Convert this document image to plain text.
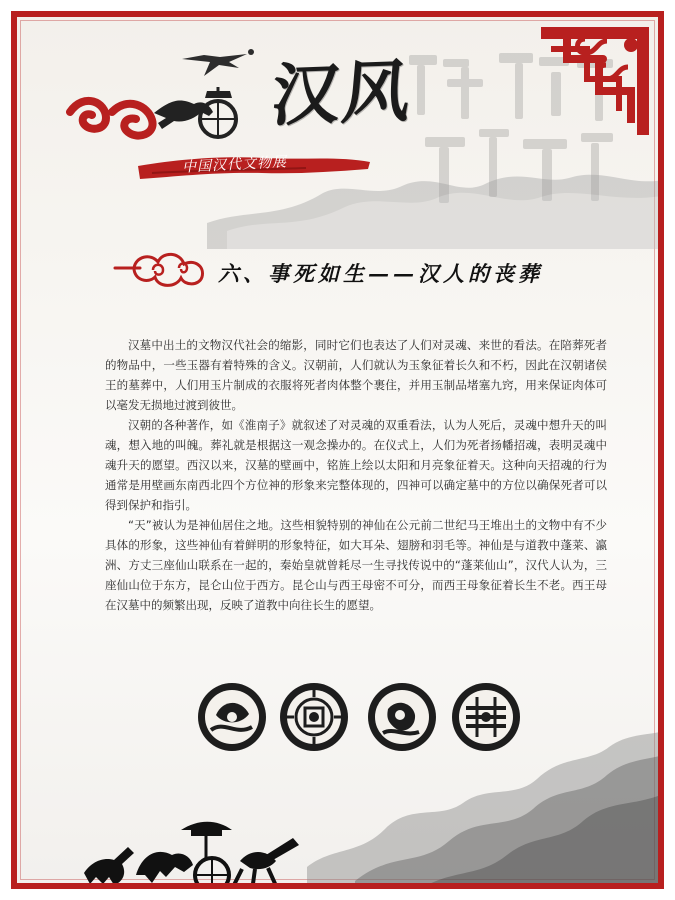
汉风
中国汉代文物展
六、事死如生——汉人的丧葬

汉墓中出土的文物汉代社会的缩影，同时它们也表达了人们对灵魂、来世的看法。在陪葬死者的物品中，一些玉器有着特殊的含义。汉朝前，人们就认为玉象征着长久和不朽，因此在汉朝诸侯王的墓葬中，人们用玉片制成的衣服将死者肉体整个裹住，并用玉制品堵塞九窍，用来保证肉体可以毫发无损地过渡到彼世。

汉朝的各种著作，如《淮南子》就叙述了对灵魂的双重看法，认为人死后，灵魂中想升天的叫魂，想入地的叫魄。葬礼就是根据这一观念操办的。在仪式上，人们为死者扬幡招魂，表明灵魂中魂升天的愿望。西汉以来，汉墓的壁画中，铭旌上绘以太阳和月亮象征着天。这种向天招魂的行为通常是用壁画东南西北四个方位神的形象来完整体现的，四神可以确定墓中的方位以确保死者可以得到保护和指引。

“天”被认为是神仙居住之地。这些相貌特别的神仙在公元前二世纪马王堆出土的文物中有不少具体的形象，这些神仙有着鲜明的形象特征，如大耳朵、翅膀和羽毛等。神仙是与道教中蓬莱、瀛洲、方丈三座仙山联系在一起的，秦始皇就曾耗尽一生寻找传说中的“蓬莱仙山”，汉代人认为，三座仙山位于东方，昆仑山位于西方。昆仑山与西王母密不可分，而西王母象征着长生不老。西王母在汉墓中的频繁出现，反映了道教中向往长生的愿望。
